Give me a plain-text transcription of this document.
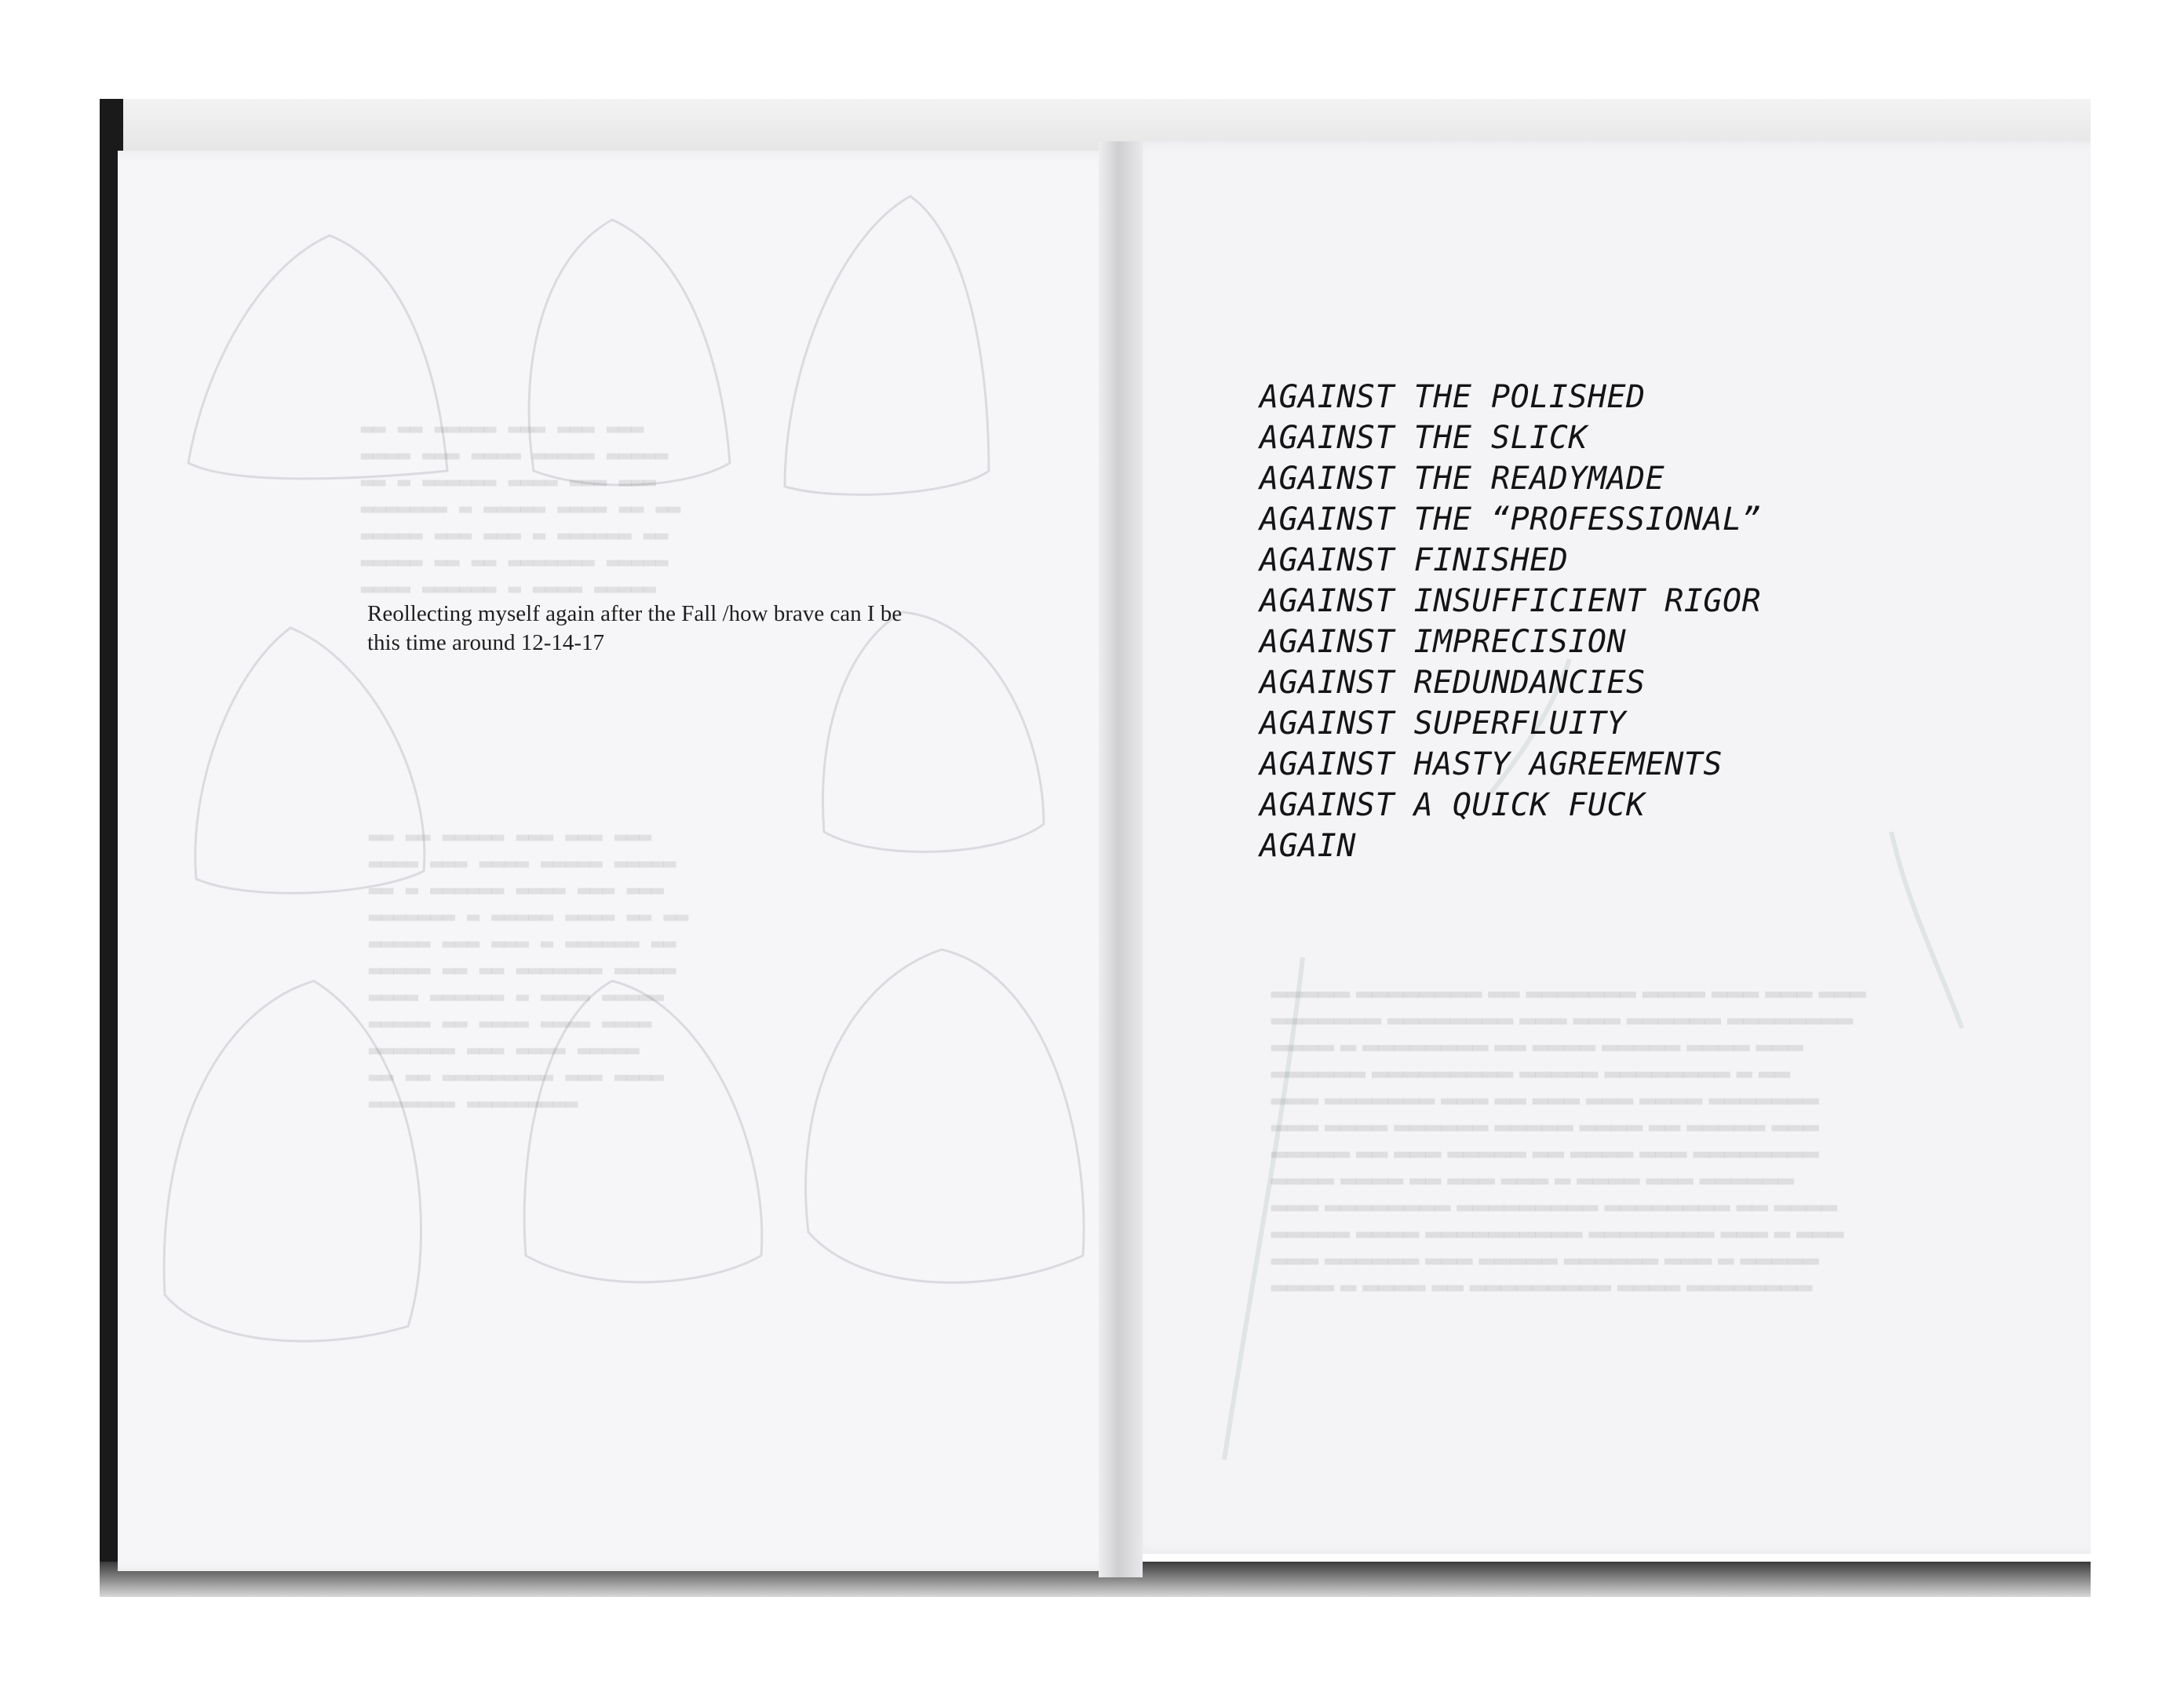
▂▂ ▂▂ ▂▂▂▂▂ ▂▂▂ ▂▂▂ ▂▂▂
▂▂▂▂ ▂▂▂ ▂▂▂▂ ▂▂▂▂▂ ▂▂▂▂▂
▂▂ ▂ ▂▂▂▂▂▂ ▂▂▂▂ ▂▂▂ ▂▂▂
▂▂▂▂▂▂▂ ▂ ▂▂▂▂▂ ▂▂▂▂ ▂▂ ▂▂
▂▂▂▂▂ ▂▂▂ ▂▂▂ ▂ ▂▂▂▂▂▂ ▂▂
▂▂▂▂▂ ▂▂ ▂▂ ▂▂▂▂▂▂▂ ▂▂▂▂▂
▂▂▂▂ ▂▂▂▂▂▂ ▂ ▂▂▂▂ ▂▂▂▂▂
▂▂ ▂▂ ▂▂▂▂▂ ▂▂▂ ▂▂▂ ▂▂▂
▂▂▂▂ ▂▂▂ ▂▂▂▂ ▂▂▂▂▂ ▂▂▂▂▂
▂▂ ▂ ▂▂▂▂▂▂ ▂▂▂▂ ▂▂▂ ▂▂▂
▂▂▂▂▂▂▂ ▂ ▂▂▂▂▂ ▂▂▂▂ ▂▂ ▂▂
▂▂▂▂▂ ▂▂▂ ▂▂▂ ▂ ▂▂▂▂▂▂ ▂▂
▂▂▂▂▂ ▂▂ ▂▂ ▂▂▂▂▂▂▂ ▂▂▂▂▂
▂▂▂▂ ▂▂▂▂▂▂ ▂ ▂▂▂▂ ▂▂▂▂▂
▂▂▂▂▂ ▂▂ ▂▂▂▂ ▂▂▂▂ ▂▂▂▂
▂▂▂▂▂▂▂ ▂▂▂ ▂▂▂▂ ▂▂▂▂▂
▂▂ ▂▂ ▂▂▂▂▂▂▂▂▂ ▂▂▂ ▂▂▂▂
▂▂▂▂▂▂▂ ▂▂▂▂▂▂▂▂▂
▂▂▂▂▂ ▂▂▂▂▂▂▂▂ ▂▂ ▂▂▂▂▂▂▂ ▂▂▂▂ ▂▂▂ ▂▂▂ ▂▂▂
▂▂▂▂▂▂▂ ▂▂▂▂▂▂▂▂ ▂▂▂ ▂▂▂ ▂▂▂▂▂▂ ▂▂▂▂▂▂▂▂
▂▂▂▂ ▂ ▂▂▂▂▂▂▂▂ ▂▂ ▂▂▂▂ ▂▂▂▂▂ ▂▂▂▂ ▂▂▂
▂▂▂▂▂▂ ▂▂▂▂▂▂▂▂▂ ▂▂▂▂▂ ▂▂▂▂▂▂▂▂ ▂ ▂▂
▂▂▂ ▂▂▂▂▂▂▂ ▂▂▂ ▂▂ ▂▂▂ ▂▂▂ ▂▂▂▂ ▂▂▂▂▂▂▂
▂▂▂ ▂▂▂▂ ▂▂▂▂▂▂ ▂▂▂▂▂ ▂▂▂▂ ▂▂ ▂▂▂▂▂ ▂▂▂
▂▂▂▂▂ ▂▂ ▂▂▂ ▂▂▂▂▂ ▂▂ ▂▂▂▂ ▂▂▂ ▂▂▂▂▂▂▂▂
▂▂▂▂ ▂▂▂▂ ▂▂ ▂▂▂ ▂▂▂ ▂ ▂▂▂▂ ▂▂▂ ▂▂▂▂▂▂
▂▂▂ ▂▂▂▂▂▂▂▂ ▂▂▂▂▂▂▂▂▂ ▂▂▂▂▂▂▂▂ ▂▂ ▂▂▂▂
▂▂▂▂▂ ▂▂▂▂ ▂▂▂▂▂▂▂▂▂▂ ▂▂▂▂▂▂▂▂ ▂▂▂ ▂ ▂▂▂
▂▂▂ ▂▂▂▂▂▂ ▂▂▂ ▂▂▂▂▂ ▂▂▂▂▂▂ ▂▂▂ ▂ ▂▂▂▂▂
▂▂▂▂ ▂ ▂▂▂▂ ▂▂ ▂▂▂▂▂▂▂▂▂ ▂▂▂▂ ▂▂▂▂▂▂▂▂
Reollecting myself again after the Fall /how brave can I be
this time around 12-14-17
AGAINST THE POLISHED
AGAINST THE SLICK
AGAINST THE READYMADE
AGAINST THE “PROFESSIONAL”
AGAINST FINISHED
AGAINST INSUFFICIENT RIGOR
AGAINST IMPRECISION
AGAINST REDUNDANCIES
AGAINST SUPERFLUITY
AGAINST HASTY AGREEMENTS
AGAINST A QUICK FUCK
AGAIN
